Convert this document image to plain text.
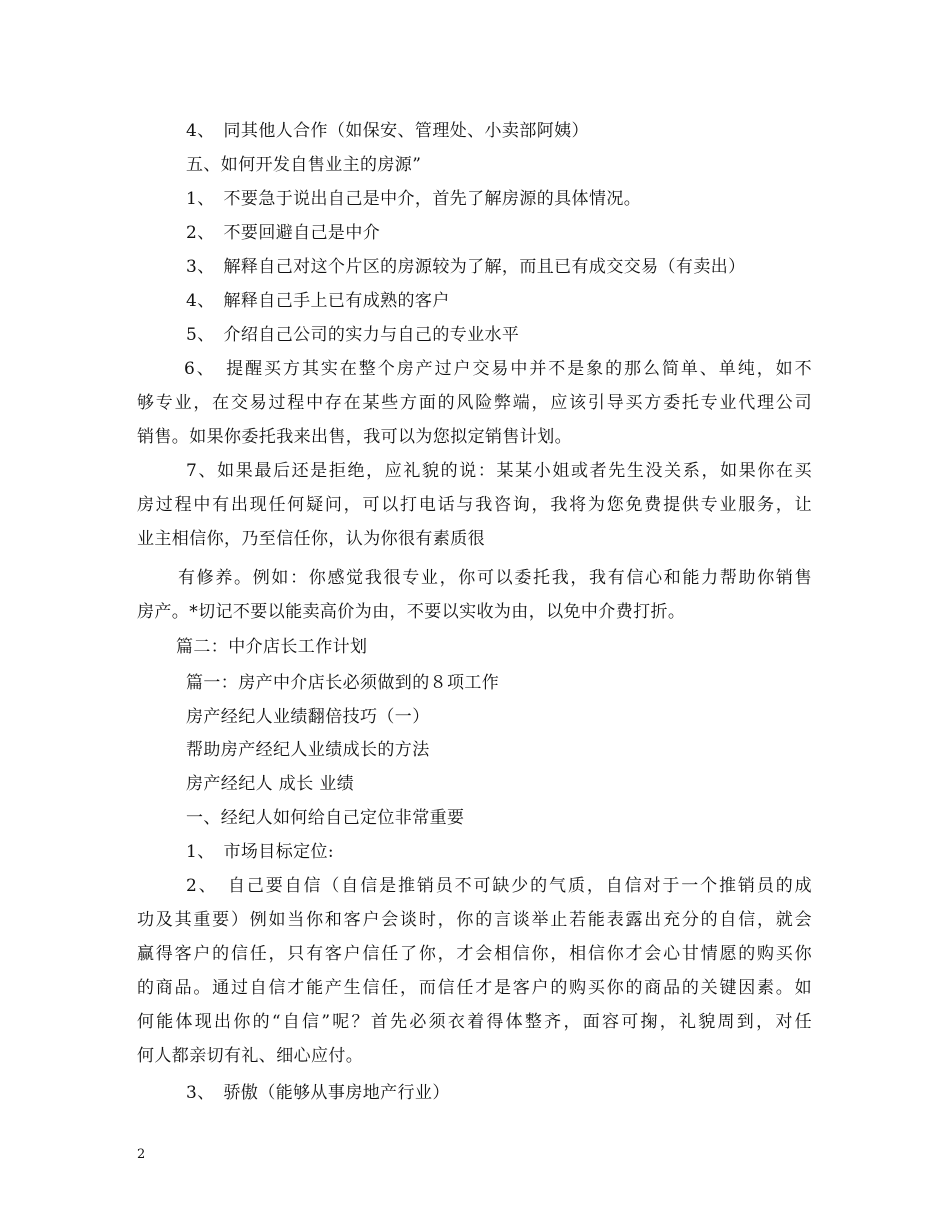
4、　同其他人合作（如保安、管理处、小卖部阿姨）
五、如何开发自售业主的房源”
1、　不要急于说出自己是中介，首先了解房源的具体情况。
2、　不要回避自己是中介
3、　解释自己对这个片区的房源较为了解，而且已有成交交易（有卖出）
4、　解释自己手上已有成熟的客户
5、　介绍自己公司的实力与自己的专业水平
6、　提醒买方其实在整个房产过户交易中并不是象的那么简单、单纯，如不
够专业，在交易过程中存在某些方面的风险弊端，应该引导买方委托专业代理公司
销售。如果你委托我来出售，我可以为您拟定销售计划。
7、如果最后还是拒绝，应礼貌的说：某某小姐或者先生没关系，如果你在买
房过程中有出现任何疑问，可以打电话与我咨询，我将为您免费提供专业服务，让
业主相信你，乃至信任你，认为你很有素质很
有修养。例如：你感觉我很专业，你可以委托我，我有信心和能力帮助你销售
房产。*切记不要以能卖高价为由，不要以实收为由，以免中介费打折。
篇二：中介店长工作计划
篇一：房产中介店长必须做到的８项工作
房产经纪人业绩翻倍技巧（一）
帮助房产经纪人业绩成长的方法
房产经纪人 成长 业绩
一、经纪人如何给自己定位非常重要
1、　市场目标定位:
2、　自己要自信（自信是推销员不可缺少的气质，自信对于一个推销员的成
功及其重要）例如当你和客户会谈时，你的言谈举止若能表露出充分的自信，就会
赢得客户的信任，只有客户信任了你，才会相信你，相信你才会心甘情愿的购买你
的商品。通过自信才能产生信任，而信任才是客户的购买你的商品的关键因素。如
何能体现出你的“自信”呢？首先必须衣着得体整齐，面容可掬，礼貌周到，对任
何人都亲切有礼、细心应付。
3、　骄傲（能够从事房地产行业）
2
